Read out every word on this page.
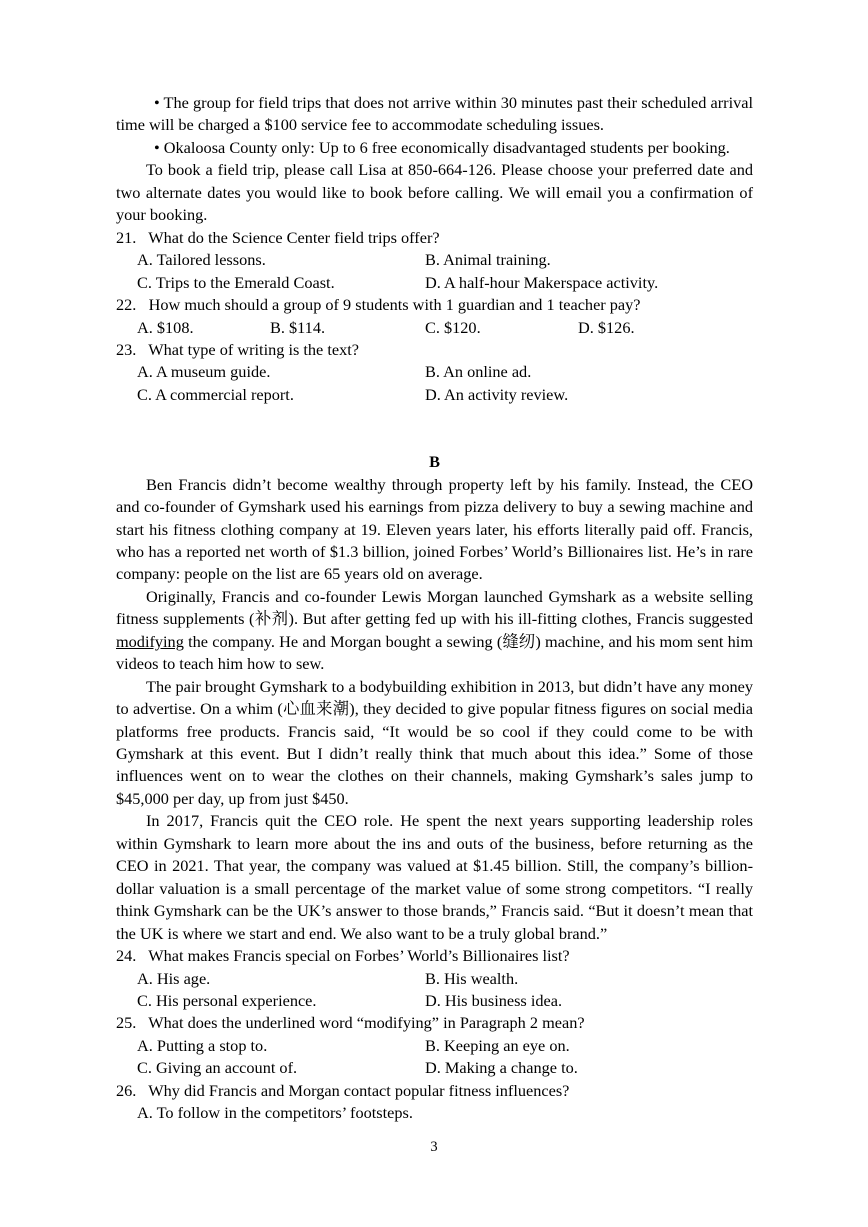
• The group for field trips that does not arrive within 30 minutes past their scheduled arrival time will be charged a $100 service fee to accommodate scheduling issues.

• Okaloosa County only: Up to 6 free economically disadvantaged students per booking.

To book a field trip, please call Lisa at 850-664-126. Please choose your preferred date and two alternate dates you would like to book before calling. We will email you a confirmation of your booking.

21. What do the Science Center field trips offer?
A. Tailored lessons.	B. Animal training.
C. Trips to the Emerald Coast.	D. A half-hour Makerspace activity.
22. How much should a group of 9 students with 1 guardian and 1 teacher pay?
A. $108.	B. $114.	C. $120.	D. $126.
23. What type of writing is the text?
A. A museum guide.	B. An online ad.
C. A commercial report.	D. An activity review.

B

Ben Francis didn’t become wealthy through property left by his family. Instead, the CEO and co-founder of Gymshark used his earnings from pizza delivery to buy a sewing machine and start his fitness clothing company at 19. Eleven years later, his efforts literally paid off. Francis, who has a reported net worth of $1.3 billion, joined Forbes’ World’s Billionaires list. He’s in rare company: people on the list are 65 years old on average.

Originally, Francis and co-founder Lewis Morgan launched Gymshark as a website selling fitness supplements (补剂). But after getting fed up with his ill-fitting clothes, Francis suggested modifying the company. He and Morgan bought a sewing (缝纫) machine, and his mom sent him videos to teach him how to sew.

The pair brought Gymshark to a bodybuilding exhibition in 2013, but didn’t have any money to advertise. On a whim (心血来潮), they decided to give popular fitness figures on social media platforms free products. Francis said, “It would be so cool if they could come to be with Gymshark at this event. But I didn’t really think that much about this idea.” Some of those influences went on to wear the clothes on their channels, making Gymshark’s sales jump to $45,000 per day, up from just $450.

In 2017, Francis quit the CEO role. He spent the next years supporting leadership roles within Gymshark to learn more about the ins and outs of the business, before returning as the CEO in 2021. That year, the company was valued at $1.45 billion. Still, the company’s billion-dollar valuation is a small percentage of the market value of some strong competitors. “I really think Gymshark can be the UK’s answer to those brands,” Francis said. “But it doesn’t mean that the UK is where we start and end. We also want to be a truly global brand.”

24. What makes Francis special on Forbes’ World’s Billionaires list?
A. His age.	B. His wealth.
C. His personal experience.	D. His business idea.
25. What does the underlined word “modifying” in Paragraph 2 mean?
A. Putting a stop to.	B. Keeping an eye on.
C. Giving an account of.	D. Making a change to.
26. Why did Francis and Morgan contact popular fitness influences?
A. To follow in the competitors’ footsteps.
3
